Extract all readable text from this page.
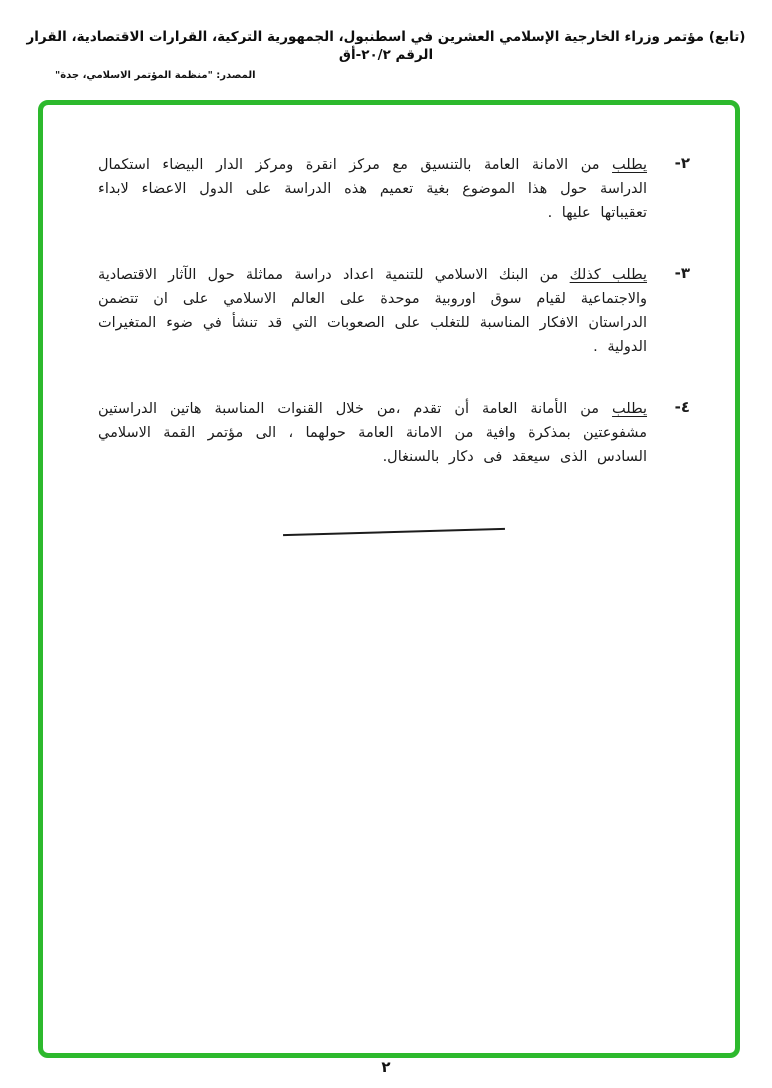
(تابع) مؤتمر وزراء الخارجية الإسلامي العشرين في اسطنبول، الجمهورية التركية، القرارات الاقتصادية، القرار الرقم ٢٠/٢-أق
المصدر: "منظمة المؤتمر الاسلامي، جدة"
٢-
يطلب من الامانة العامة بالتنسيق مع مركز انقرة ومركز الدار البيضاء استكمال الدراسة حول هذا الموضوع بغية تعميم هذه الدراسة على الدول الاعضاء لابداء تعقيباتها عليها .
٣-
يطلب كذلك من البنك الاسلامي للتنمية اعداد دراسة مماثلة حول الآثار الاقتصادية والاجتماعية لقيام سوق اوروبية موحدة على العالم الاسلامي على ان تتضمن الدراستان الافكار المناسبة للتغلب على الصعوبات التي قد تنشأ في ضوء المتغيرات الدولية .
٤-
يطلب من الأمانة العامة أن تقدم ،من خلال القنوات المناسبة هاتين الدراستين مشفوعتين بمذكرة وافية من الامانة العامة حولهما ، الى مؤتمر القمة الاسلامي السادس الذى سيعقد فى دكار بالسنغال.
٢
